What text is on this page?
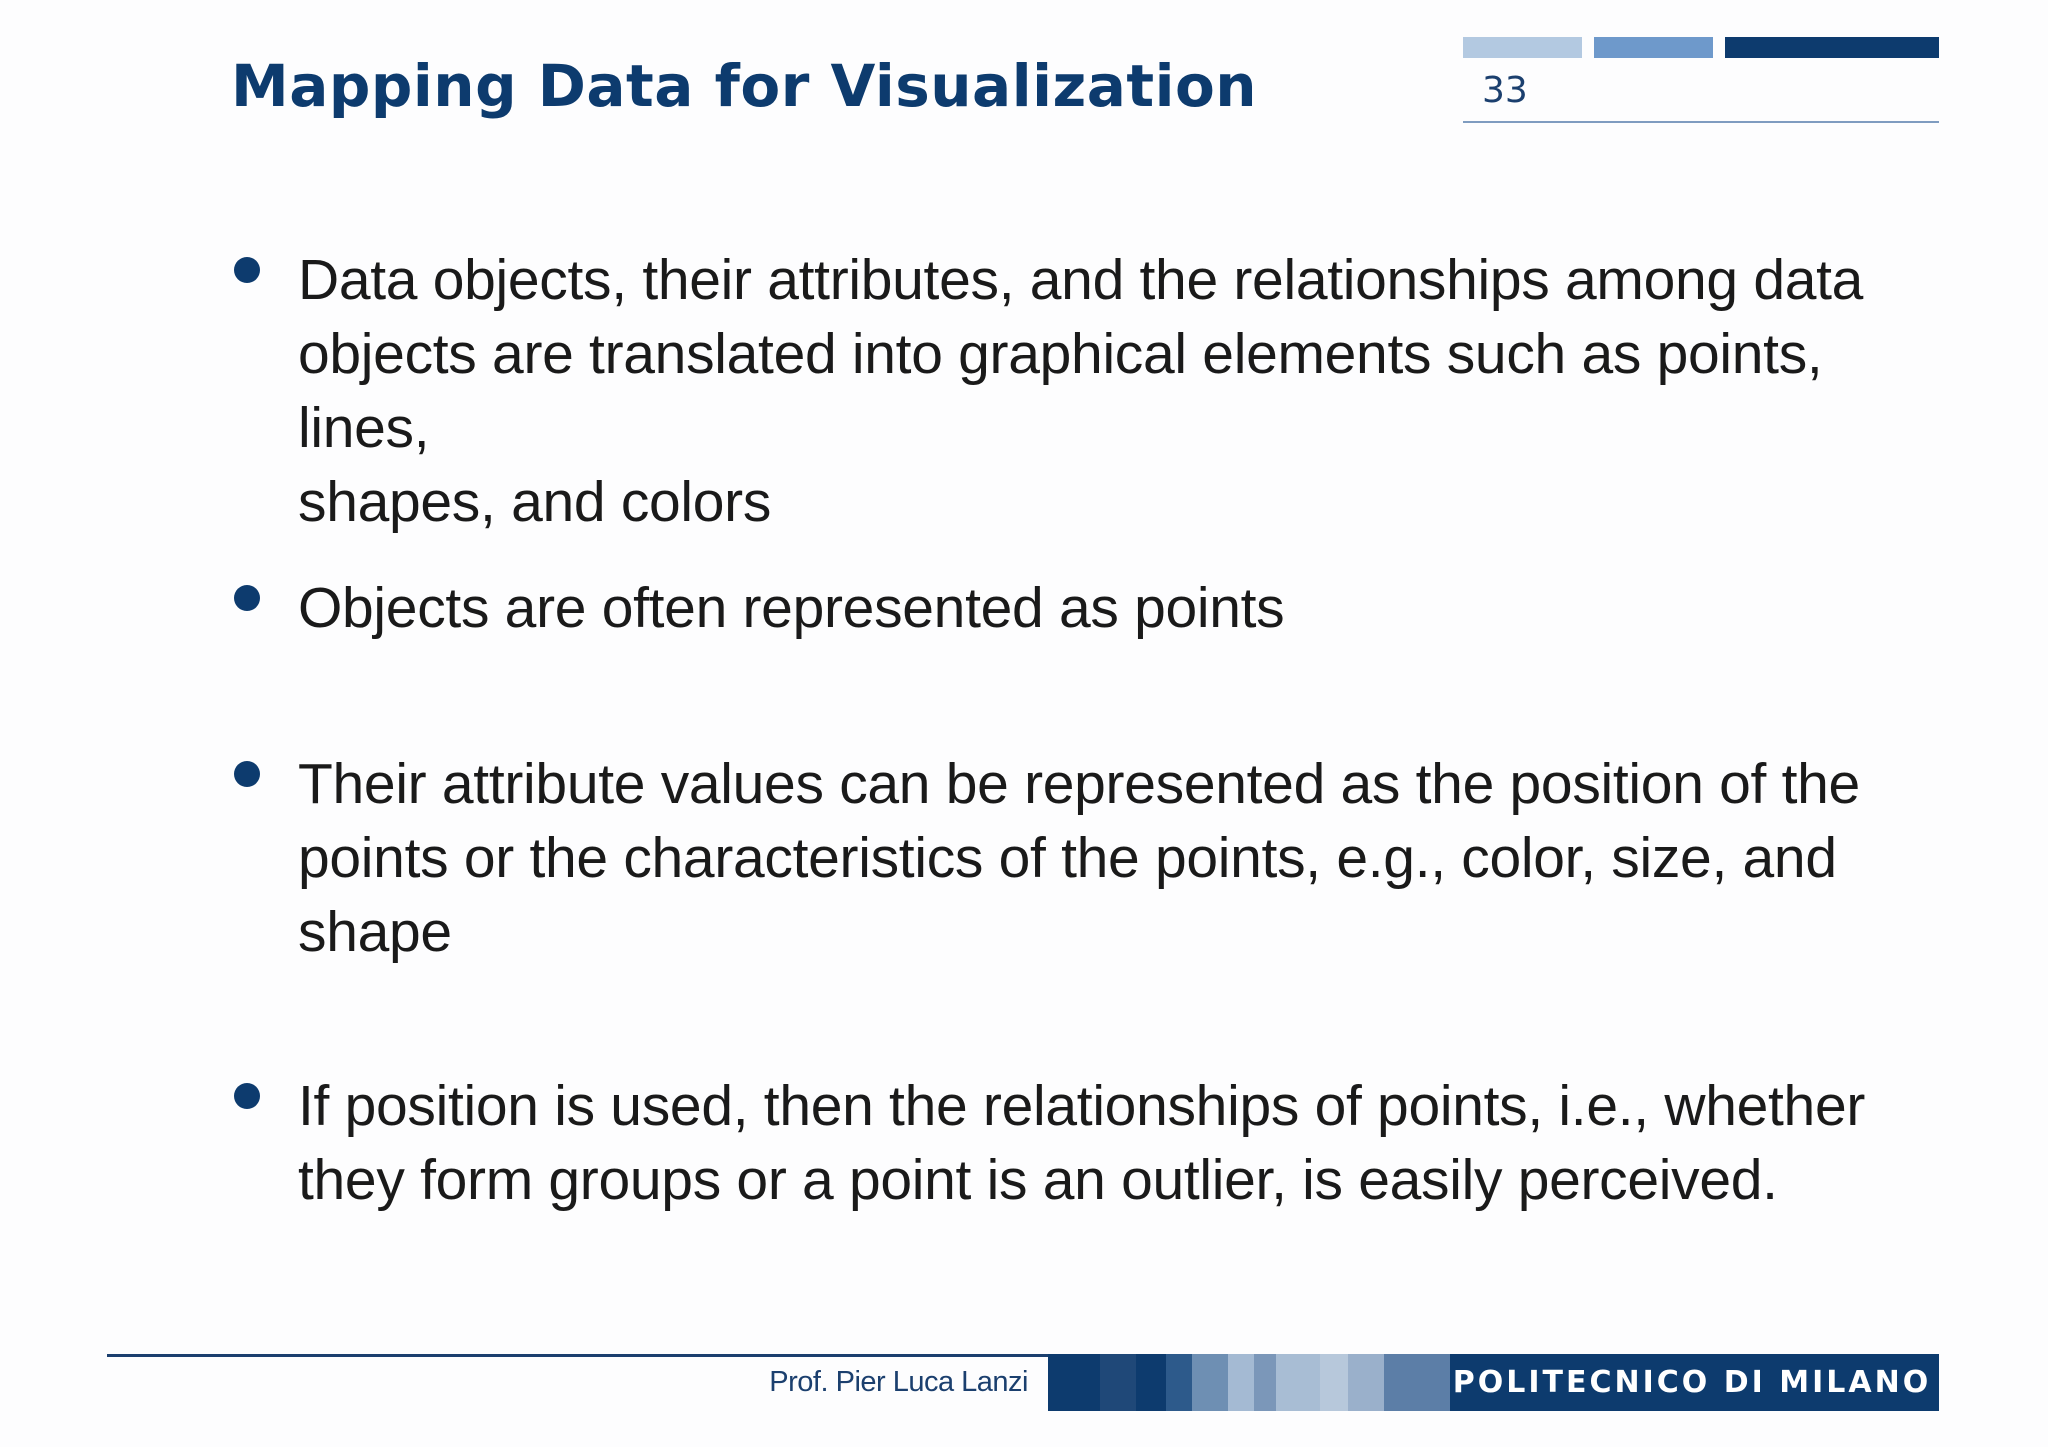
Mapping Data for Visualization	33

Data objects, their attributes, and the relationships among data
objects are translated into graphical elements such as points, lines,
shapes, and colors

Objects are often represented as points

Their attribute values can be represented as the position of the
points or the characteristics of the points, e.g., color, size, and
shape

If position is used, then the relationships of points, i.e., whether
they form groups or a point is an outlier, is easily perceived.

Prof. Pier Luca Lanzi	POLITECNICO DI MILANO
